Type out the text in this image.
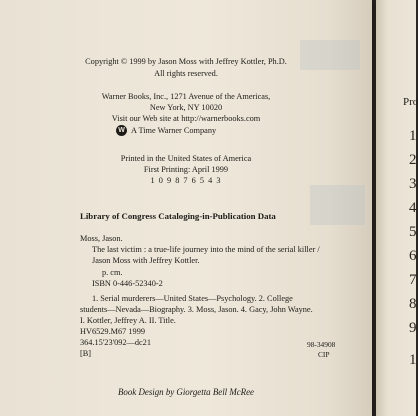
Copyright © 1999 by Jason Moss with Jeffrey Kottler, Ph.D.
All rights reserved.
Warner Books, Inc., 1271 Avenue of the Americas,
New York, NY 10020
Visit our Web site at http://warnerbooks.com
W A Time Warner Company
Printed in the United States of America
First Printing: April 1999
1 0 9 8 7 6 5 4 3
Library of Congress Cataloging-in-Publication Data
Moss, Jason.
The last victim : a true-life journey into the mind of the serial killer /
Jason Moss with Jeffrey Kottler.
p. cm.
ISBN 0-446-52340-2
1. Serial murderers—United States—Psychology. 2. College
students—Nevada—Biography. 3. Moss, Jason. 4. Gacy, John Wayne.
I. Kottler, Jeffrey A. II. Title.
HV6529.M67 1999
364.15'23'092—dc21
[B]
98-34908
CIP
Book Design by Giorgetta Bell McRee
Pro
1
2
3
4
5
6
7
8
9
1
